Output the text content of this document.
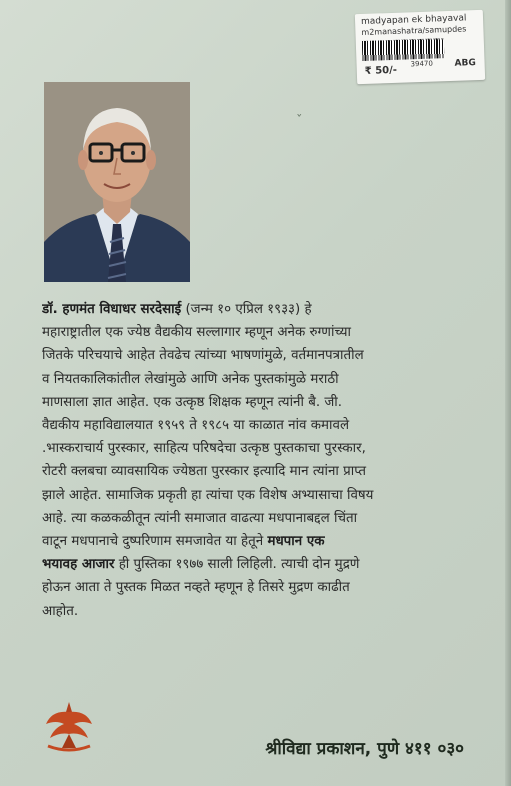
madyapan ek bhayaval
m2manashatra/samupdes
39470
₹ 50/-
ABG
ˇ
डॉ. हणमंत विधाधर सरदेसाई (जन्म १० एप्रिल १९३३) हे
महाराष्ट्रातील एक ज्येष्ठ वैद्यकीय सल्लागार म्हणून अनेक रुग्णांच्या
जितके परिचयाचे आहेत तेवढेच त्यांच्या भाषणांमुळे, वर्तमानपत्रातील
व नियतकालिकांतील लेखांमुळे आणि अनेक पुस्तकांमुळे मराठी
माणसाला ज्ञात आहेत. एक उत्कृष्ठ शिक्षक म्हणून त्यांनी बै. जी.
वैद्यकीय महाविद्यालयात १९५९ ते १९८५ या काळात नांव कमावले
.भास्कराचार्य पुरस्कार, साहित्य परिषदेचा उत्कृष्ठ पुस्तकाचा पुरस्कार,
रोटरी क्लबचा व्यावसायिक ज्येष्ठता पुरस्कार इत्यादि मान त्यांना प्राप्त
झाले आहेत. सामाजिक प्रकृती हा त्यांचा एक विशेष अभ्यासाचा विषय
आहे. त्या कळकळीतून त्यांनी समाजात वाढत्या मधपानाबद्दल चिंता
वाटून मधपानाचे दुष्परिणाम समजावेत या हेतूने मधपान एक
भयावह आजार ही पुस्तिका १९७७ साली लिहिली. त्याची दोन मुद्रणे
होऊन आता ते पुस्तक मिळत नव्हते म्हणून हे तिसरे मुद्रण काढीत
आहोत.
श्रीविद्या प्रकाशन, पुणे ४११ ०३०
